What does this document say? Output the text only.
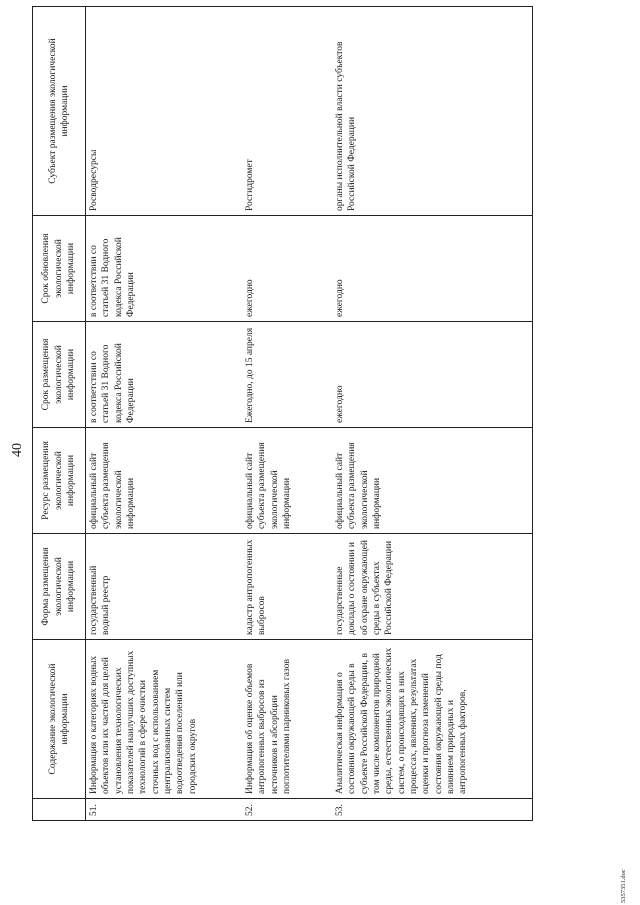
40
	Содержание экологической информации	Форма размещения экологической информации	Ресурс размещения экологической информации	Срок размещения экологической информации	Срок обновления экологической информации	Субъект размещения экологической информации
51.	Информация о категориях водных объектов или их частей для целей установления технологических показателей наилучших доступных технологий в сфере очистки сточных вод с использованием централизованных систем водоотведения поселений или городских округов	государственный водный реестр	официальный сайт субъекта размещения экологической информации	в соответствии со статьей 31 Водного кодекса Российской Федерации	в соответствии со статьей 31 Водного кодекса Российской Федерации	Росводресурсы
52.	Информация об оценке объемов антропогенных выбросов из источников и абсорбции поглотителями парниковых газов	кадастр антропогенных выбросов	официальный сайт субъекта размещения экологической информации	Ежегодно, до 15 апреля	ежегодно	Росгидромет
53.	Аналитическая информация о состоянии окружающей среды в субъекте Российской Федерации, в том числе компонентов природной среды, естественных экологических систем, о происходящих в них процессах, явлениях, результатах оценки и прогноза изменений состояния окружающей среды под влиянием природных и антропогенных факторов,	государственные доклады о состоянии и об охране окружающей среды в субъектах Российской Федерации	официальный сайт субъекта размещения экологической информации	ежегодно	ежегодно	органы исполнительной власти субъектов Российской Федерации
5357351.doc
